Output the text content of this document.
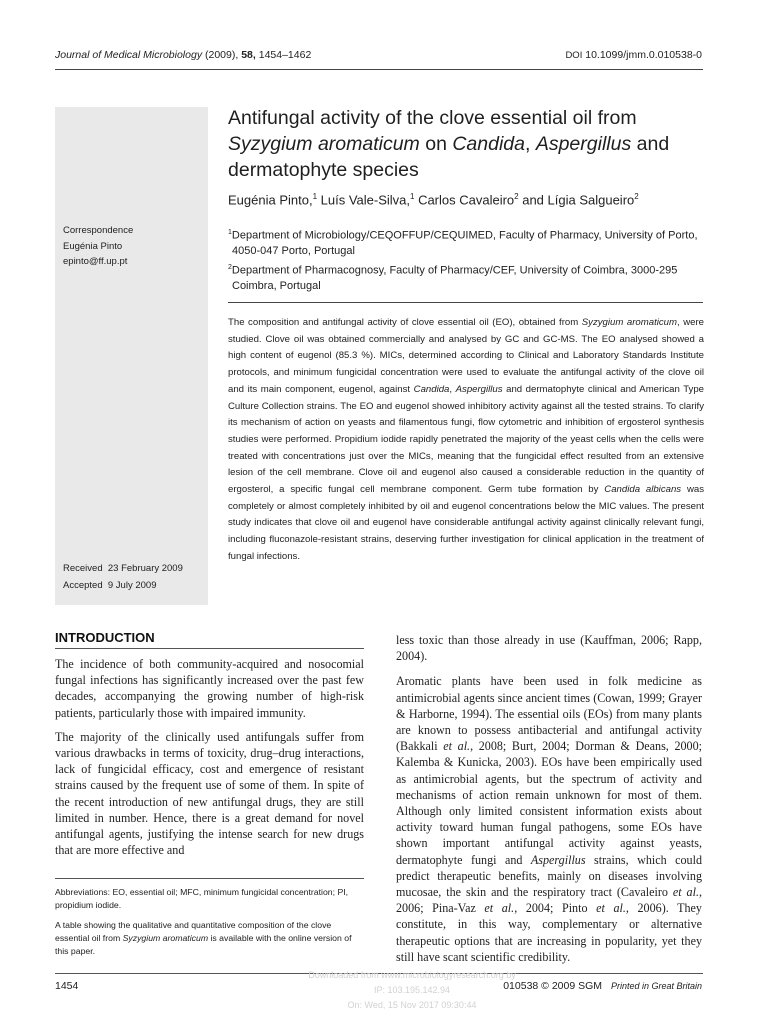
Journal of Medical Microbiology (2009), 58, 1454–1462	DOI 10.1099/jmm.0.010538-0
Correspondence
Eugénia Pinto
epinto@ff.up.pt
Received  23 February 2009
Accepted  9 July 2009
Antifungal activity of the clove essential oil from
Syzygium aromaticum on Candida, Aspergillus and
dermatophyte species
Eugénia Pinto,$^1$ Luís Vale-Silva,$^1$ Carlos Cavaleiro$^2$ and Lígia Salgueiro$^2$
$^1$Department of Microbiology/CEQOFFUP/CEQUIMED, Faculty of Pharmacy, University of Porto,
4050-047 Porto, Portugal
$^2$Department of Pharmacognosy, Faculty of Pharmacy/CEF, University of Coimbra, 3000-295
Coimbra, Portugal

The composition and antifungal activity of clove essential oil (EO), obtained from Syzygium aromaticum, were studied. Clove oil was obtained commercially and analysed by GC and GC-MS. The EO analysed showed a high content of eugenol (85.3 %). MICs, determined according to Clinical and Laboratory Standards Institute protocols, and minimum fungicidal concentration were used to evaluate the antifungal activity of the clove oil and its main component, eugenol, against Candida, Aspergillus and dermatophyte clinical and American Type Culture Collection strains. The EO and eugenol showed inhibitory activity against all the tested strains. To clarify its mechanism of action on yeasts and filamentous fungi, flow cytometric and inhibition of ergosterol synthesis studies were performed. Propidium iodide rapidly penetrated the majority of the yeast cells when the cells were treated with concentrations just over the MICs, meaning that the fungicidal effect resulted from an extensive lesion of the cell membrane. Clove oil and eugenol also caused a considerable reduction in the quantity of ergosterol, a specific fungal cell membrane component. Germ tube formation by Candida albicans was completely or almost completely inhibited by oil and eugenol concentrations below the MIC values. The present study indicates that clove oil and eugenol have considerable antifungal activity against clinically relevant fungi, including fluconazole-resistant strains, deserving further investigation for clinical application in the treatment of fungal infections.

INTRODUCTION

The incidence of both community-acquired and nosocomial fungal infections has significantly increased over the past few decades, accompanying the growing number of high-risk patients, particularly those with impaired immunity.

The majority of the clinically used antifungals suffer from various drawbacks in terms of toxicity, drug–drug interactions, lack of fungicidal efficacy, cost and emergence of resistant strains caused by the frequent use of some of them. In spite of the recent introduction of new antifungal drugs, they are still limited in number. Hence, there is a great demand for novel antifungal agents, justifying the intense search for new drugs that are more effective and

less toxic than those already in use (Kauffman, 2006; Rapp, 2004).

Aromatic plants have been used in folk medicine as antimicrobial agents since ancient times (Cowan, 1999; Grayer & Harborne, 1994). The essential oils (EOs) from many plants are known to possess antibacterial and antifungal activity (Bakkali et al., 2008; Burt, 2004; Dorman & Deans, 2000; Kalemba & Kunicka, 2003). EOs have been empirically used as antimicrobial agents, but the spectrum of activity and mechanisms of action remain unknown for most of them. Although only limited consistent information exists about activity toward human fungal pathogens, some EOs have shown important antifungal activity against yeasts, dermatophyte fungi and Aspergillus strains, which could predict therapeutic benefits, mainly on diseases involving mucosae, the skin and the respiratory tract (Cavaleiro et al., 2006; Pina-Vaz et al., 2004; Pinto et al., 2006). They constitute, in this way, complementary or alternative therapeutic options that are increasing in popularity, yet they still have scant scientific credibility.

Abbreviations: EO, essential oil; MFC, minimum fungicidal concentration; PI, propidium iodide.

A table showing the qualitative and quantitative composition of the clove essential oil from Syzygium aromaticum is available with the online version of this paper.

1454	010538 © 2009 SGM Printed in Great Britain
Downloaded from www.microbiologyresearch.org by
IP: 103.195.142.94
On: Wed, 15 Nov 2017 09:30:44
